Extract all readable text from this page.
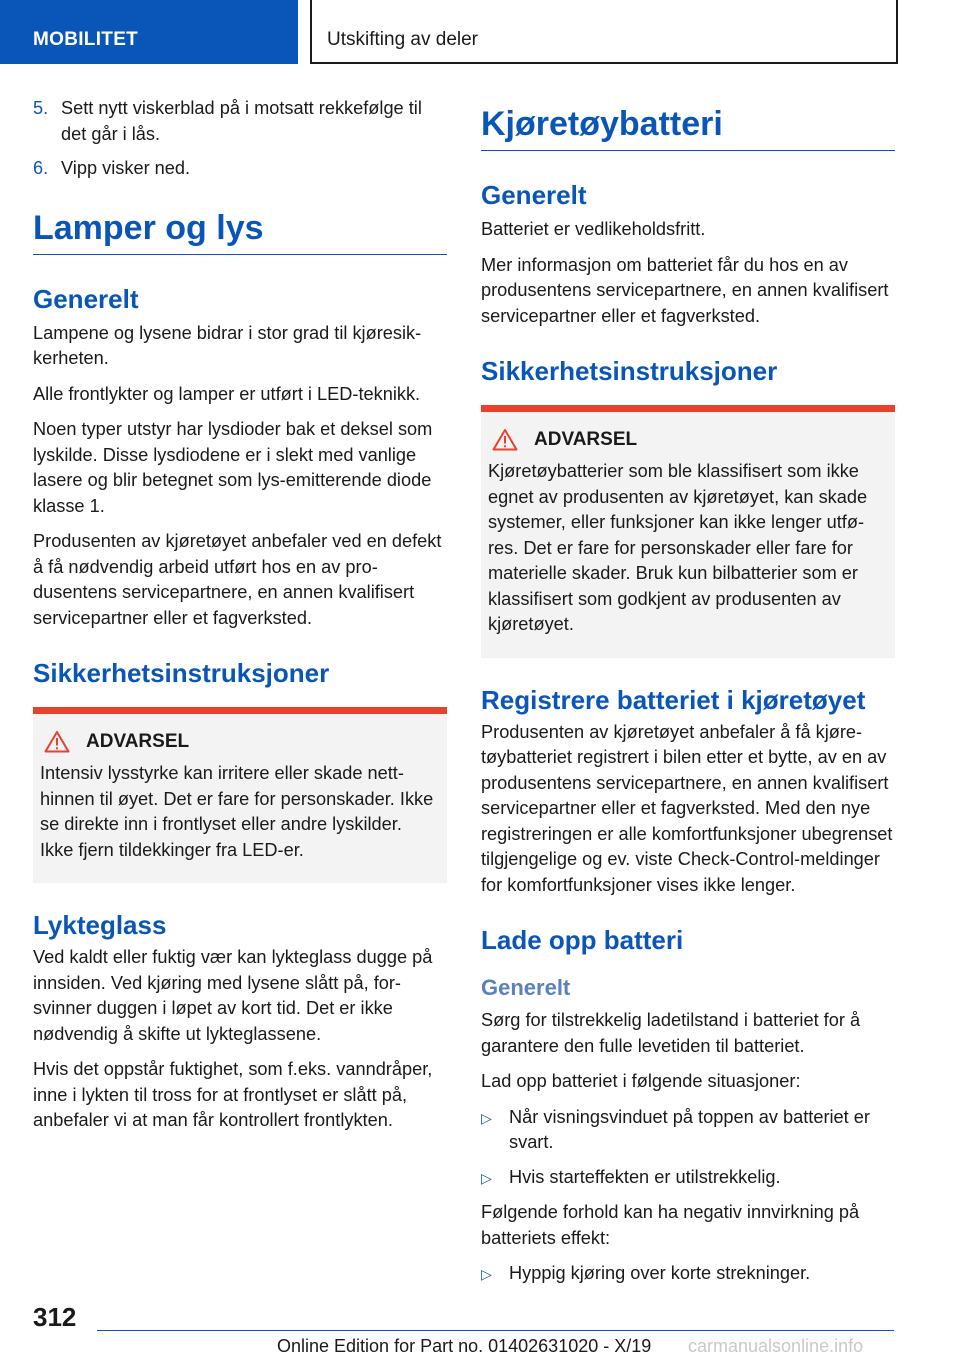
MOBILITET	Utskifting av deler
5. Sett nytt viskerblad på i motsatt rekkefølge til det går i lås.
6. Vipp visker ned.
Lamper og lys
Generelt

Lampene og lysene bidrar i stor grad til kjøresikkerheten.

Alle frontlykter og lamper er utført i LED-teknikk.

Noen typer utstyr har lysdioder bak et deksel som lyskilde. Disse lysdiodene er i slekt med vanlige lasere og blir betegnet som lys-emitterende diode klasse 1.

Produsenten av kjøretøyet anbefaler ved en defekt å få nødvendig arbeid utført hos en av produsentens servicepartnere, en annen kvalifisert servicepartner eller et fagverksted.

Sikkerhetsinstruksjoner
ADVARSEL

Intensiv lysstyrke kan irritere eller skade netthinnen til øyet. Det er fare for personskader. Ikke se direkte inn i frontlyset eller andre lyskilder. Ikke fjern tildekkinger fra LED-er.

Lykteglass

Ved kaldt eller fuktig vær kan lykteglass dugge på innsiden. Ved kjøring med lysene slått på, forsvinner duggen i løpet av kort tid. Det er ikke nødvendig å skifte ut lykteglassene.

Hvis det oppstår fuktighet, som f.eks. vanndråper, inne i lykten til tross for at frontlyset er slått på, anbefaler vi at man får kontrollert frontlykten.

Kjøretøybatteri
Generelt

Batteriet er vedlikeholdsfritt.

Mer informasjon om batteriet får du hos en av produsentens servicepartnere, en annen kvalifisert servicepartner eller et fagverksted.

Sikkerhetsinstruksjoner
ADVARSEL

Kjøretøybatterier som ble klassifisert som ikke egnet av produsenten av kjøretøyet, kan skade systemer, eller funksjoner kan ikke lenger utføres. Det er fare for personskader eller fare for materielle skader. Bruk kun bilbatterier som er klassifisert som godkjent av produsenten av kjøretøyet.

Registrere batteriet i kjøretøyet

Produsenten av kjøretøyet anbefaler å få kjøretøybatteriet registrert i bilen etter et bytte, av en av produsentens servicepartnere, en annen kvalifisert servicepartner eller et fagverksted. Med den nye registreringen er alle komfortfunksjoner ubegrenset tilgjengelige og ev. viste Check-Control-meldinger for komfortfunksjoner vises ikke lenger.

Lade opp batteri
Generelt

Sørg for tilstrekkelig ladetilstand i batteriet for å garantere den fulle levetiden til batteriet.

Lad opp batteriet i følgende situasjoner:

▷ Når visningsvinduet på toppen av batteriet er svart.
▷ Hvis starteffekten er utilstrekkelig.

Følgende forhold kan ha negativ innvirkning på batteriets effekt:

▷ Hyppig kjøring over korte strekninger.
312
Online Edition for Part no. 01402631020 - X/19 carmanualsonline.info
